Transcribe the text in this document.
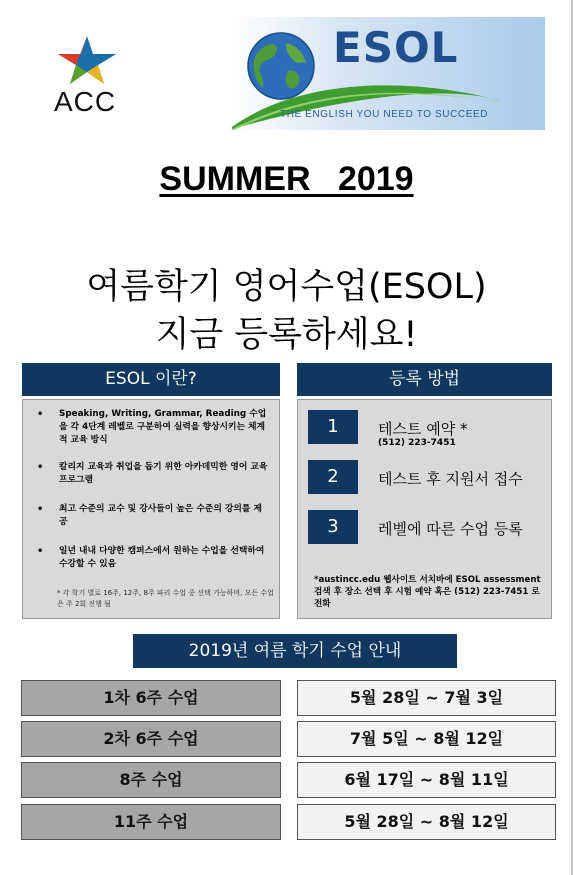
ACC
ESOL
THE ENGLISH YOU NEED TO SUCCEED
SUMMER 2019
여름학기 영어수업(ESOL)
지금 등록하세요!
ESOL 이란?
• Speaking, Writing, Grammar, Reading 수업을 각 4단계 레벨로 구분하여 실력을 향상시키는 체계적 교육 방식
• 칼리지 교육과 취업을 돕기 위한 아카데믹한 영어 교육 프로그램
• 최고 수준의 교수 및 강사들이 높은 수준의 강의를 제공
• 일년 내내 다양한 캠퍼스에서 원하는 수업을 선택하여 수강할 수 있음
* 각 학기 별로 16주, 12주, 8주 파리 수업 중 선택 가능하며, 모든 수업은 주 2회 진행 됨
등록 방법
1	테스트 예약 *
(512) 223-7451
2	테스트 후 지원서 접수
3	레벨에 따른 수업 등록
*austincc.edu 웹사이트 서치바에 ESOL assessment 검색 후 장소 선택 후 시험 예약 혹은 (512) 223-7451 로 전화
2019년 여름 학기 수업 안내
1차 6주 수업	5월 28일 ~ 7월 3일
2차 6주 수업	7월 5일 ~ 8월 12일
8주 수업	6월 17일 ~ 8월 11일
11주 수업	5월 28일 ~ 8월 12일
